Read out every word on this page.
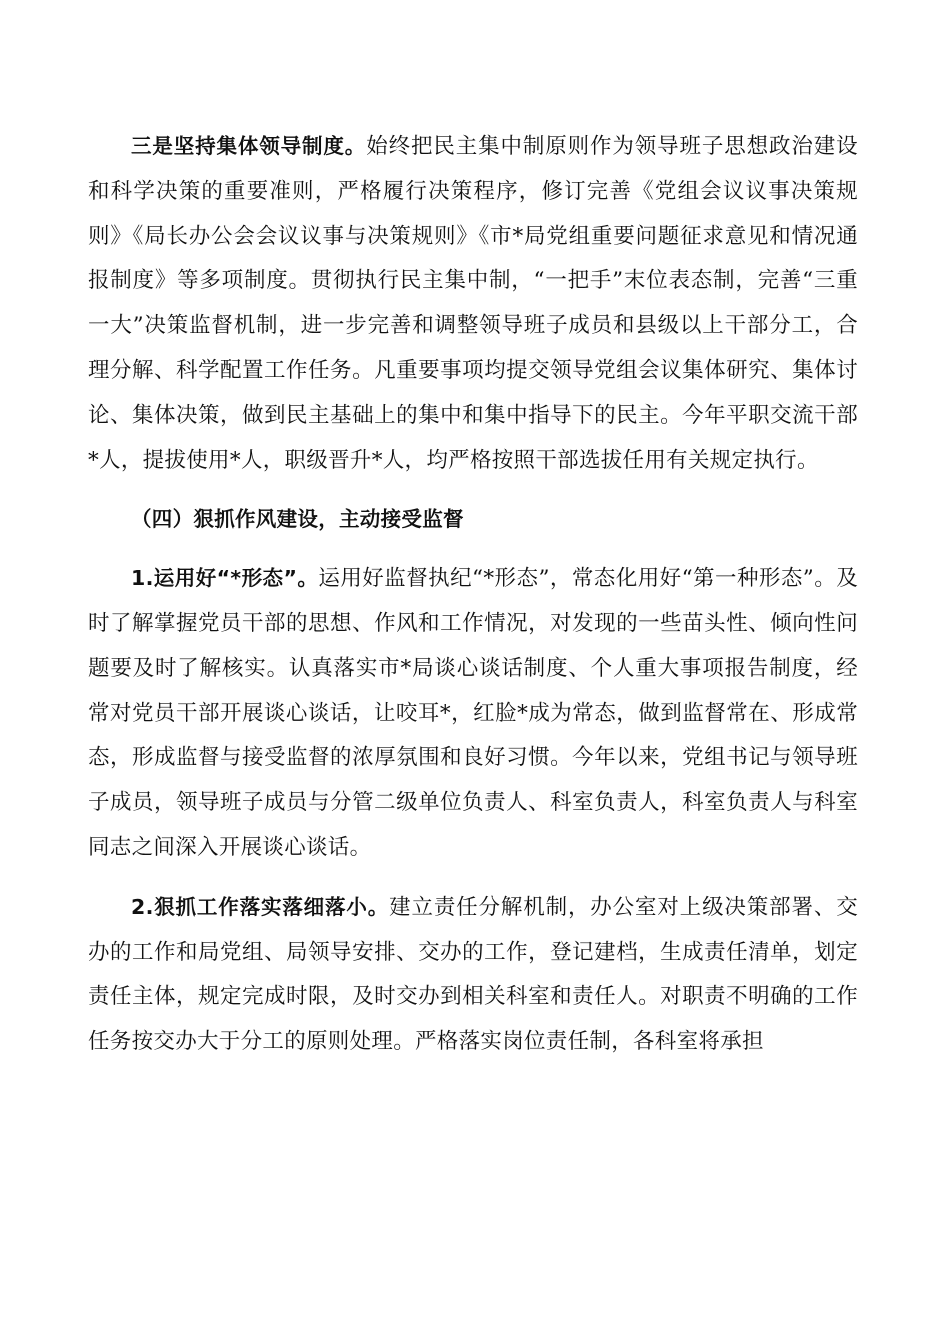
三是坚持集体领导制度。始终把民主集中制原则作为领导班子思想政治建设和科学决策的重要准则，严格履行决策程序，修订完善《党组会议议事决策规则》《局长办公会会议议事与决策规则》《市*局党组重要问题征求意见和情况通报制度》等多项制度。贯彻执行民主集中制，“一把手”末位表态制，完善“三重一大”决策监督机制，进一步完善和调整领导班子成员和县级以上干部分工，合理分解、科学配置工作任务。凡重要事项均提交领导党组会议集体研究、集体讨论、集体决策，做到民主基础上的集中和集中指导下的民主。今年平职交流干部*人，提拔使用*人，职级晋升*人，均严格按照干部选拔任用有关规定执行。

（四）狠抓作风建设，主动接受监督

1.运用好“*形态”。运用好监督执纪“*形态”，常态化用好“第一种形态”。及时了解掌握党员干部的思想、作风和工作情况，对发现的一些苗头性、倾向性问题要及时了解核实。认真落实市*局谈心谈话制度、个人重大事项报告制度，经常对党员干部开展谈心谈话，让咬耳*，红脸*成为常态，做到监督常在、形成常态，形成监督与接受监督的浓厚氛围和良好习惯。今年以来，党组书记与领导班子成员，领导班子成员与分管二级单位负责人、科室负责人，科室负责人与科室同志之间深入开展谈心谈话。

2.狠抓工作落实落细落小。建立责任分解机制，办公室对上级决策部署、交办的工作和局党组、局领导安排、交办的工作，登记建档，生成责任清单，划定责任主体，规定完成时限，及时交办到相关科室和责任人。对职责不明确的工作任务按交办大于分工的原则处理。严格落实岗位责任制，各科室将承担
